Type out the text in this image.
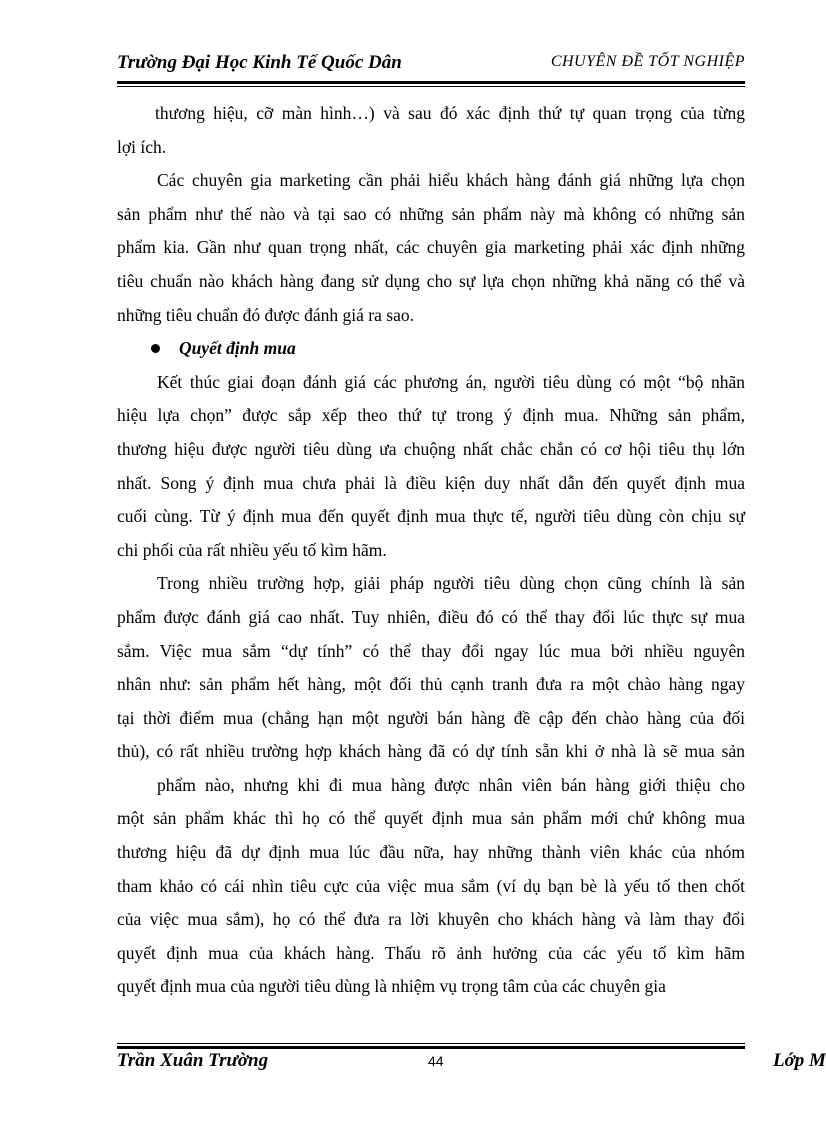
Trường Đại Học Kinh Tế Quốc Dân	CHUYÊN ĐỀ TỐT NGHIỆP
thương hiệu, cỡ màn hình…) và sau đó xác định thứ tự quan trọng của từng
lợi ích.
Các chuyên gia marketing cần phải hiểu khách hàng đánh giá những lựa chọn
sản phẩm như thế nào và tại sao có những sản phẩm này mà không có những sản
phẩm kia. Gần như quan trọng nhất, các chuyên gia marketing phải xác định những
tiêu chuẩn nào khách hàng đang sử dụng cho sự lựa chọn những khả năng có thể và
những tiêu chuẩn đó được đánh giá ra sao.
Quyết định mua
Kết thúc giai đoạn đánh giá các phương án, người tiêu dùng có một “bộ nhãn
hiệu lựa chọn” được sắp xếp theo thứ tự trong ý định mua. Những sản phẩm,
thương hiệu được người tiêu dùng ưa chuộng nhất chắc chắn có cơ hội tiêu thụ lớn
nhất. Song ý định mua chưa phải là điều kiện duy nhất dẫn đến quyết định mua
cuối cùng. Từ ý định mua đến quyết định mua thực tế, người tiêu dùng còn chịu sự
chi phối của rất nhiều yếu tố kìm hãm.
Trong nhiều trường hợp, giải pháp người tiêu dùng chọn cũng chính là sản
phẩm được đánh giá cao nhất. Tuy nhiên, điều đó có thể thay đổi lúc thực sự mua
sắm. Việc mua sắm “dự tính” có thể thay đổi ngay lúc mua bởi nhiều nguyên
nhân như: sản phẩm hết hàng, một đối thủ cạnh tranh đưa ra một chào hàng ngay
tại thời điểm mua (chẳng hạn một người bán hàng đề cập đến chào hàng của đối
thủ), có rất nhiều trường hợp khách hàng đã có dự tính sẵn khi ở nhà là sẽ mua sản
phẩm nào, nhưng khi đi mua hàng được nhân viên bán hàng giới thiệu cho
một sản phẩm khác thì họ có thể quyết định mua sản phẩm mới chứ không mua
thương hiệu đã dự định mua lúc đầu nữa, hay những thành viên khác của nhóm
tham khảo có cái nhìn tiêu cực của việc mua sắm (ví dụ bạn bè là yếu tố then chốt
của việc mua sắm), họ có thể đưa ra lời khuyên cho khách hàng và làm thay đổi
quyết định mua của khách hàng. Thấu rõ ảnh hưởng của các yếu tố kìm hãm
quyết định mua của người tiêu dùng là nhiệm vụ trọng tâm của các chuyên gia
Trần Xuân Trường	44	Lớp M
